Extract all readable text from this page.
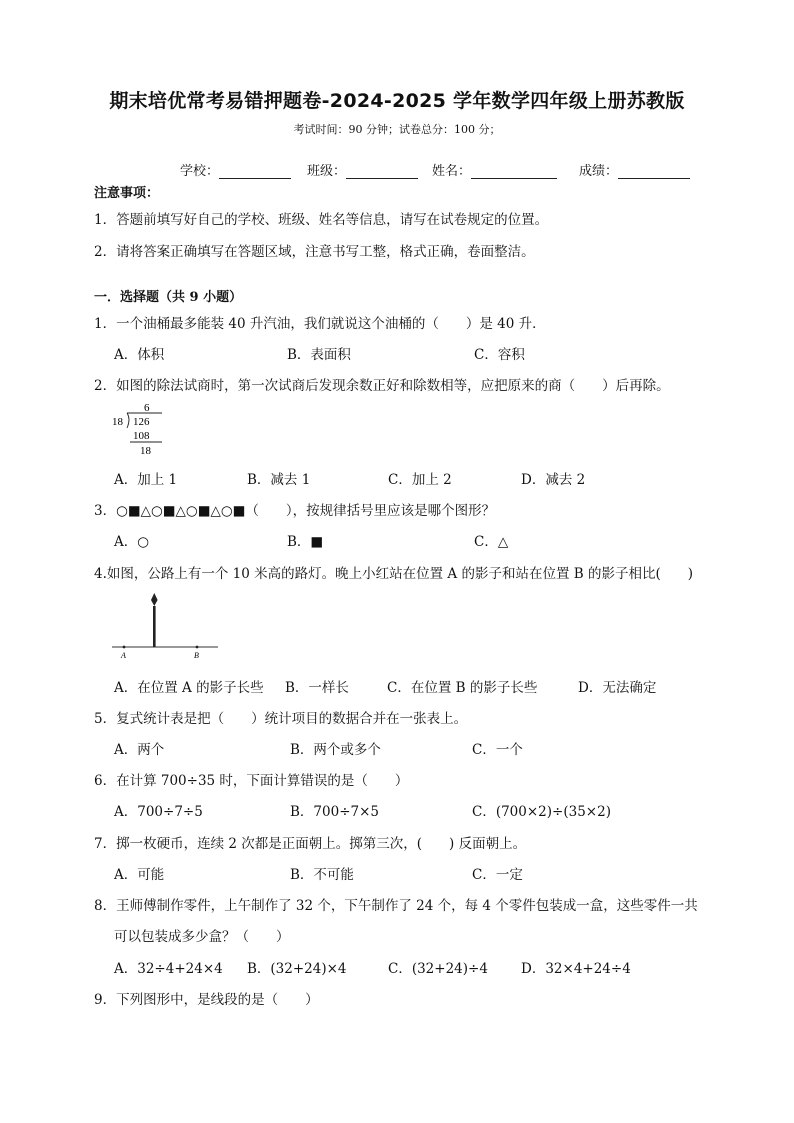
期末培优常考易错押题卷-2024-2025 学年数学四年级上册苏教版
考试时间：90 分钟；试卷总分：100 分；
学校：	班级：	姓名：	成绩：
注意事项：
1．答题前填写好自己的学校、班级、姓名等信息，请写在试卷规定的位置。
2．请将答案正确填写在答题区域，注意书写工整，格式正确，卷面整洁。
一．选择题（共 9 小题）
1．一个油桶最多能装 40 升汽油，我们就说这个油桶的（　　）是 40 升．
A．体积	B．表面积	C．容积
2．如图的除法试商时，第一次试商后发现余数正好和除数相等，应把原来的商（　　）后再除。
6
18 126
108
18
A．加上 1	B．减去 1	C．加上 2	D．减去 2
3．○■△○■△○■△○■（　　），按规律括号里应该是哪个图形？
A．○	B．■	C．△
4.如图，公路上有一个 10 米高的路灯。晚上小红站在位置 A 的影子和站在位置 B 的影子相比(　　)
A	B
A．在位置 A 的影子长些 B．一样长	C．在位置 B 的影子长些	D．无法确定
5．复式统计表是把（　　）统计项目的数据合并在一张表上。
A．两个	B．两个或多个	C．一个
6．在计算 700÷35 时，下面计算错误的是（　　）
A．700÷7÷5	B．700÷7×5	C．(700×2)÷(35×2)
7．掷一枚硬币，连续 2 次都是正面朝上。掷第三次，(　　) 反面朝上。
A．可能	B．不可能	C．一定
8．王师傅制作零件，上午制作了 32 个，下午制作了 24 个，每 4 个零件包装成一盒，这些零件一共
可以包装成多少盒？（　　）
A．32÷4+24×4 B．(32+24)×4	C．(32+24)÷4 D．32×4+24÷4
9．下列图形中，是线段的是（　　）
